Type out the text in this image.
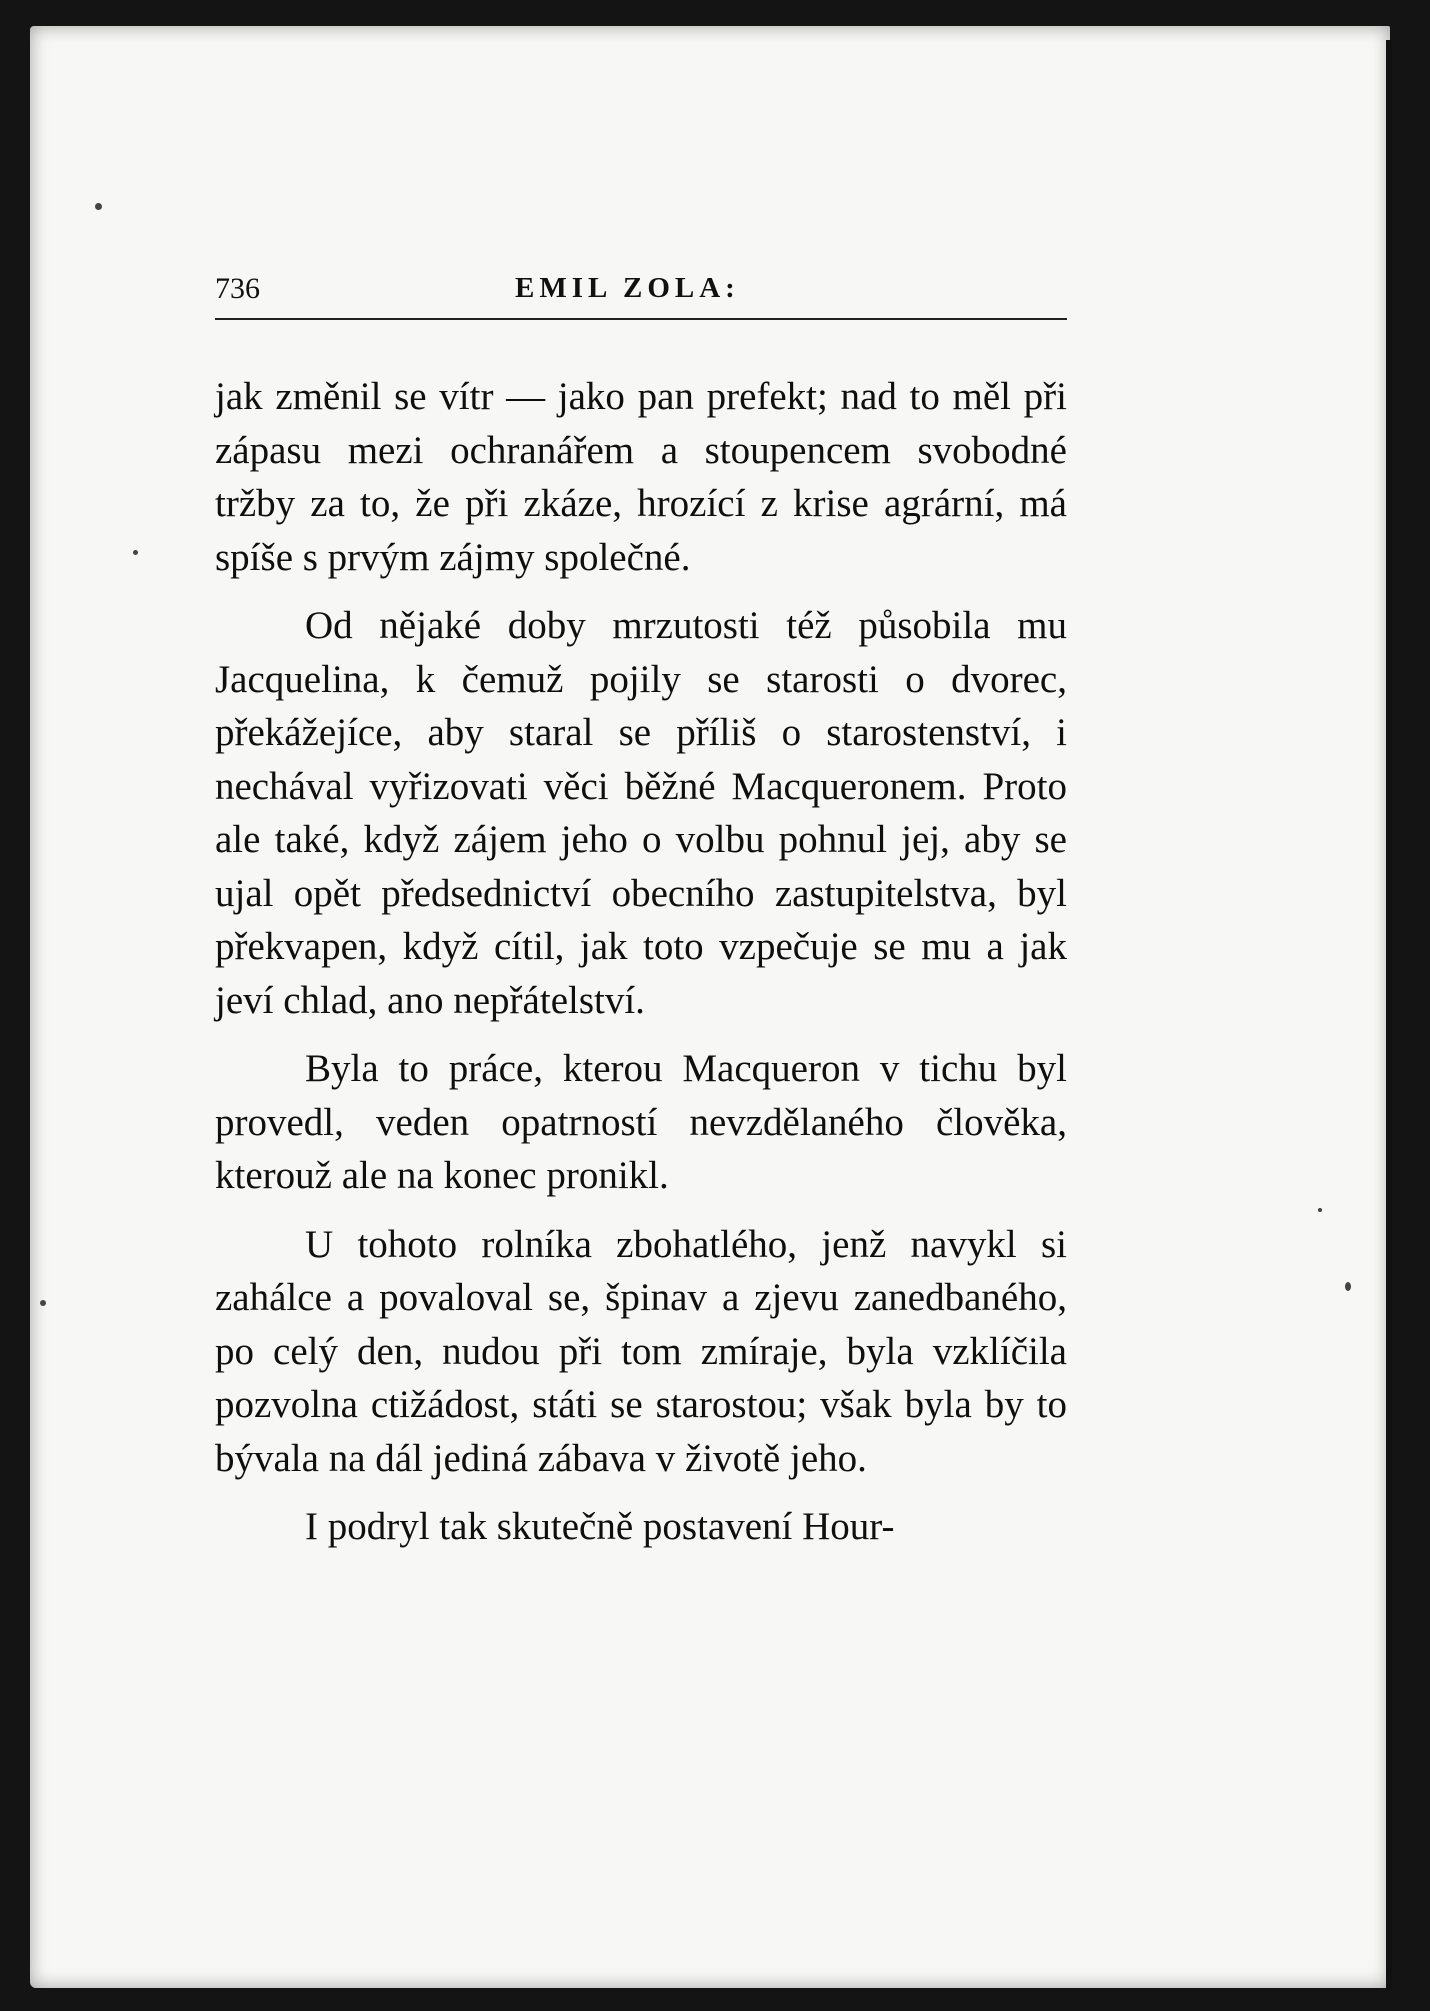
736	EMIL ZOLA:

jak změnil se vítr — jako pan prefekt; nad to měl při zápasu mezi ochranářem a stoupencem svobodné tržby za to, že při zkáze, hrozící z krise agrární, má spíše s prvým zájmy společné.

Od nějaké doby mrzutosti též působila mu Jacquelina, k čemuž pojily se starosti o dvorec, překážejíce, aby staral se příliš o starostenství, i nechával vyřizovati věci běžné Macqueronem. Proto ale také, když zájem jeho o volbu pohnul jej, aby se ujal opět předsednictví obecního zastupitelstva, byl překvapen, když cítil, jak toto vzpečuje se mu a jak jeví chlad, ano nepřátelství.

Byla to práce, kterou Macqueron v tichu byl provedl, veden opatrností nevzdělaného člověka, kterouž ale na konec pronikl.

U tohoto rolníka zbohatlého, jenž navykl si zahálce a povaloval se, špinav a zjevu zanedbaného, po celý den, nudou při tom zmíraje, byla vzklíčila pozvolna ctižádost, státi se starostou; však byla by to bývala na dál jediná zábava v životě jeho.

I podryl tak skutečně postavení Hour-
